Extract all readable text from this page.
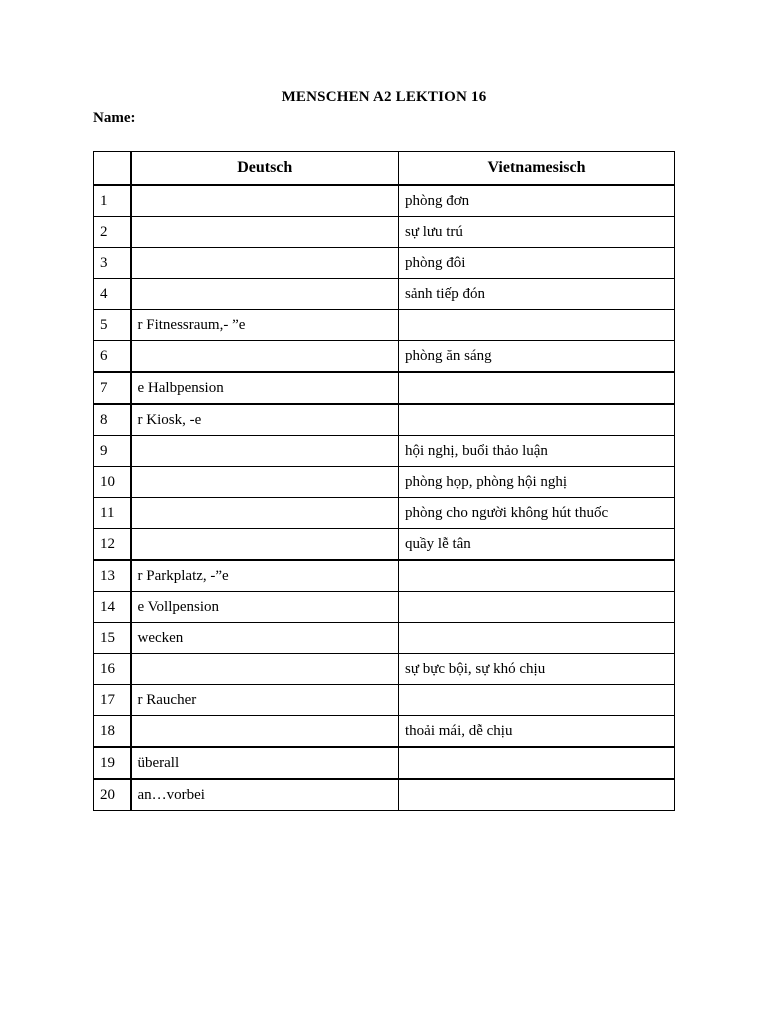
MENSCHEN A2 LEKTION 16
Name:
	Deutsch	Vietnamesisch
1		phòng đơn
2		sự lưu trú
3		phòng đôi
4		sảnh tiếp đón
5	r Fitnessraum,- ”e	
6		phòng ăn sáng
7	e Halbpension	
8	r Kiosk, -e	
9		hội nghị, buổi thảo luận
10		phòng họp, phòng hội nghị
11		phòng cho người không hút thuốc
12		quầy lễ tân
13	r Parkplatz, -”e	
14	e Vollpension	
15	wecken	
16		sự bực bội, sự khó chịu
17	r Raucher	
18		thoải mái, dễ chịu
19	überall	
20	an…vorbei	
